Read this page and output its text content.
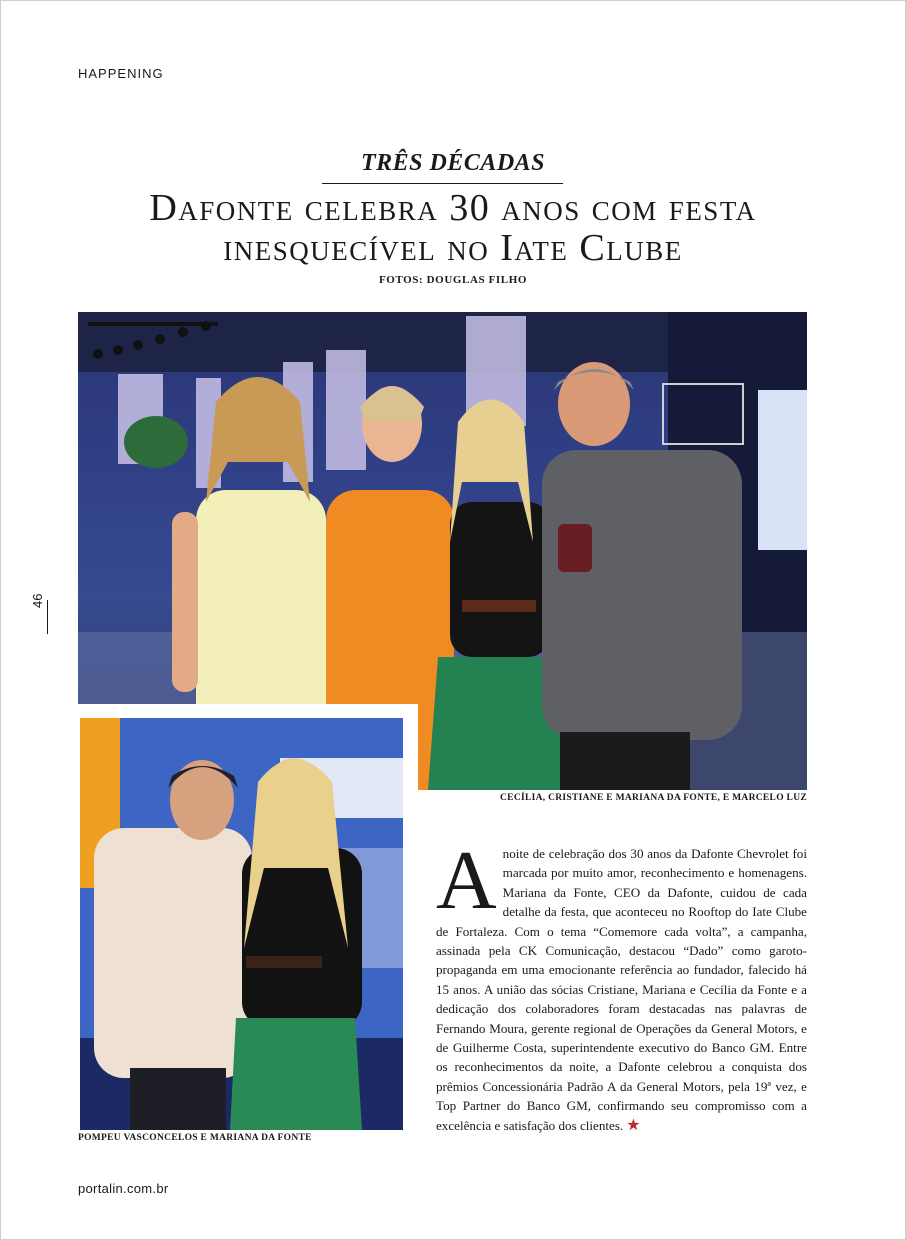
HAPPENING
46
TRÊS DÉCADAS
Dafonte celebra 30 anos com festa
inesquecível no Iate Clube
FOTOS: DOUGLAS FILHO
CECÍLIA, CRISTIANE E MARIANA DA FONTE, E MARCELO LUZ
POMPEU VASCONCELOS E MARIANA DA FONTE
Anoite de celebração dos 30 anos da Dafonte Chevrolet foi marcada por muito amor, reconhecimento e homenagens. Mariana da Fonte, CEO da Dafonte, cuidou de cada detalhe da festa, que aconteceu no Rooftop do Iate Clube de Fortaleza. Com o tema “Comemore cada volta”, a campanha, assinada pela CK Comunicação, destacou “Dado” como garoto-propaganda em uma emocionante referência ao fundador, falecido há 15 anos. A união das sócias Cristiane, Mariana e Cecília da Fonte e a dedicação dos colaboradores foram destacadas nas palavras de Fernando Moura, gerente regional de Operações da General Motors, e de Guilherme Costa, superintendente executivo do Banco GM. Entre os reconhecimentos da noite, a Dafonte celebrou a conquista dos prêmios Concessionária Padrão A da General Motors, pela 19ª vez, e Top Partner do Banco GM, confirmando seu compromisso com a excelência e satisfação dos clientes. ★
portalin.com.br
